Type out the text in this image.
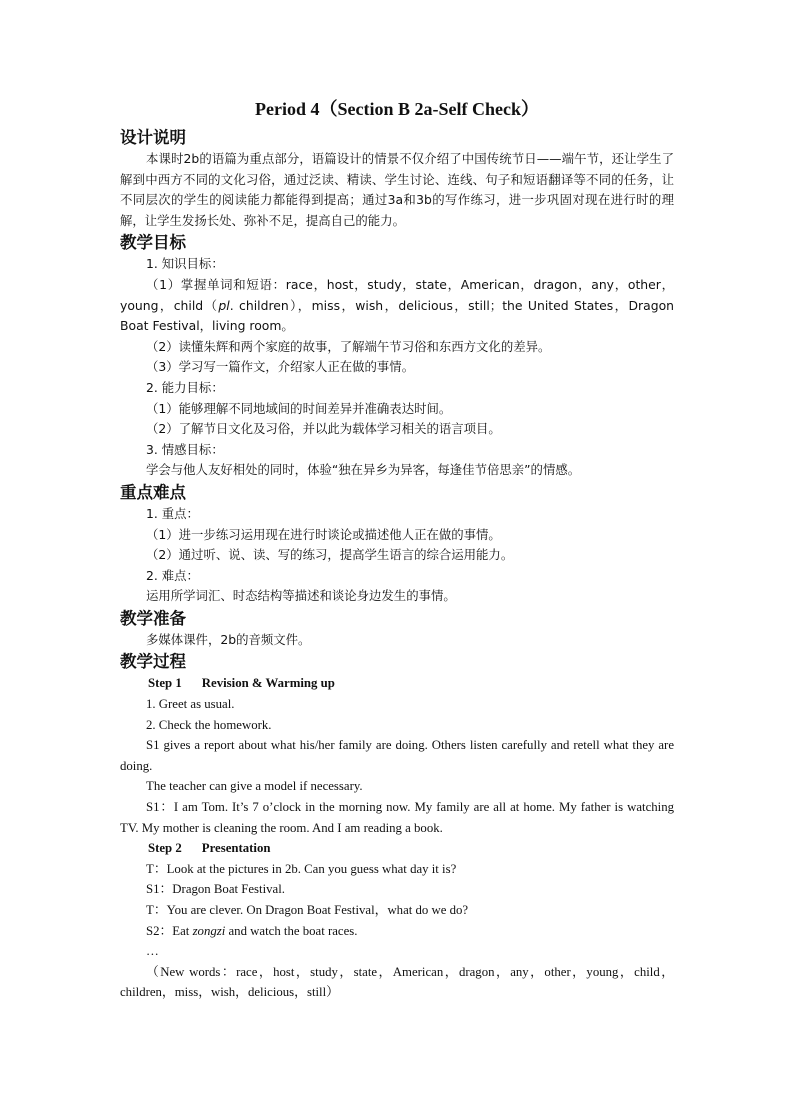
Period 4（Section B 2a-Self Check）
设计说明

本课时2b的语篇为重点部分，语篇设计的情景不仅介绍了中国传统节日——端午节，还让学生了解到中西方不同的文化习俗，通过泛读、精读、学生讨论、连线、句子和短语翻译等不同的任务，让不同层次的学生的阅读能力都能得到提高；通过3a和3b的写作练习，进一步巩固对现在进行时的理解，让学生发扬长处、弥补不足，提高自己的能力。

教学目标

1. 知识目标：

（1）掌握单词和短语：race，host，study，state，American，dragon，any，other，young，child（pl. children），miss，wish，delicious，still；the United States，Dragon Boat Festival，living room。

（2）读懂朱辉和两个家庭的故事，了解端午节习俗和东西方文化的差异。

（3）学习写一篇作文，介绍家人正在做的事情。

2. 能力目标：

（1）能够理解不同地域间的时间差异并准确表达时间。

（2）了解节日文化及习俗，并以此为载体学习相关的语言项目。

3. 情感目标：

学会与他人友好相处的同时，体验“独在异乡为异客，每逢佳节倍思亲”的情感。

重点难点

1. 重点：

（1）进一步练习运用现在进行时谈论或描述他人正在做的事情。

（2）通过听、说、读、写的练习，提高学生语言的综合运用能力。

2. 难点：

运用所学词汇、时态结构等描述和谈论身边发生的事情。

教学准备

多媒体课件，2b的音频文件。

教学过程

Step 1 Revision & Warming up

1. Greet as usual.

2. Check the homework.

S1 gives a report about what his/her family are doing. Others listen carefully and retell what they are doing.

The teacher can give a model if necessary.

S1：I am Tom. It’s 7 o’clock in the morning now. My family are all at home. My father is watching TV. My mother is cleaning the room. And I am reading a book.

Step 2 Presentation

T：Look at the pictures in 2b. Can you guess what day it is?

S1：Dragon Boat Festival.

T：You are clever. On Dragon Boat Festival，what do we do?

S2：Eat zongzi and watch the boat races.

…

（New words：race，host，study，state，American，dragon，any，other，young，child，children，miss，wish，delicious，still）
